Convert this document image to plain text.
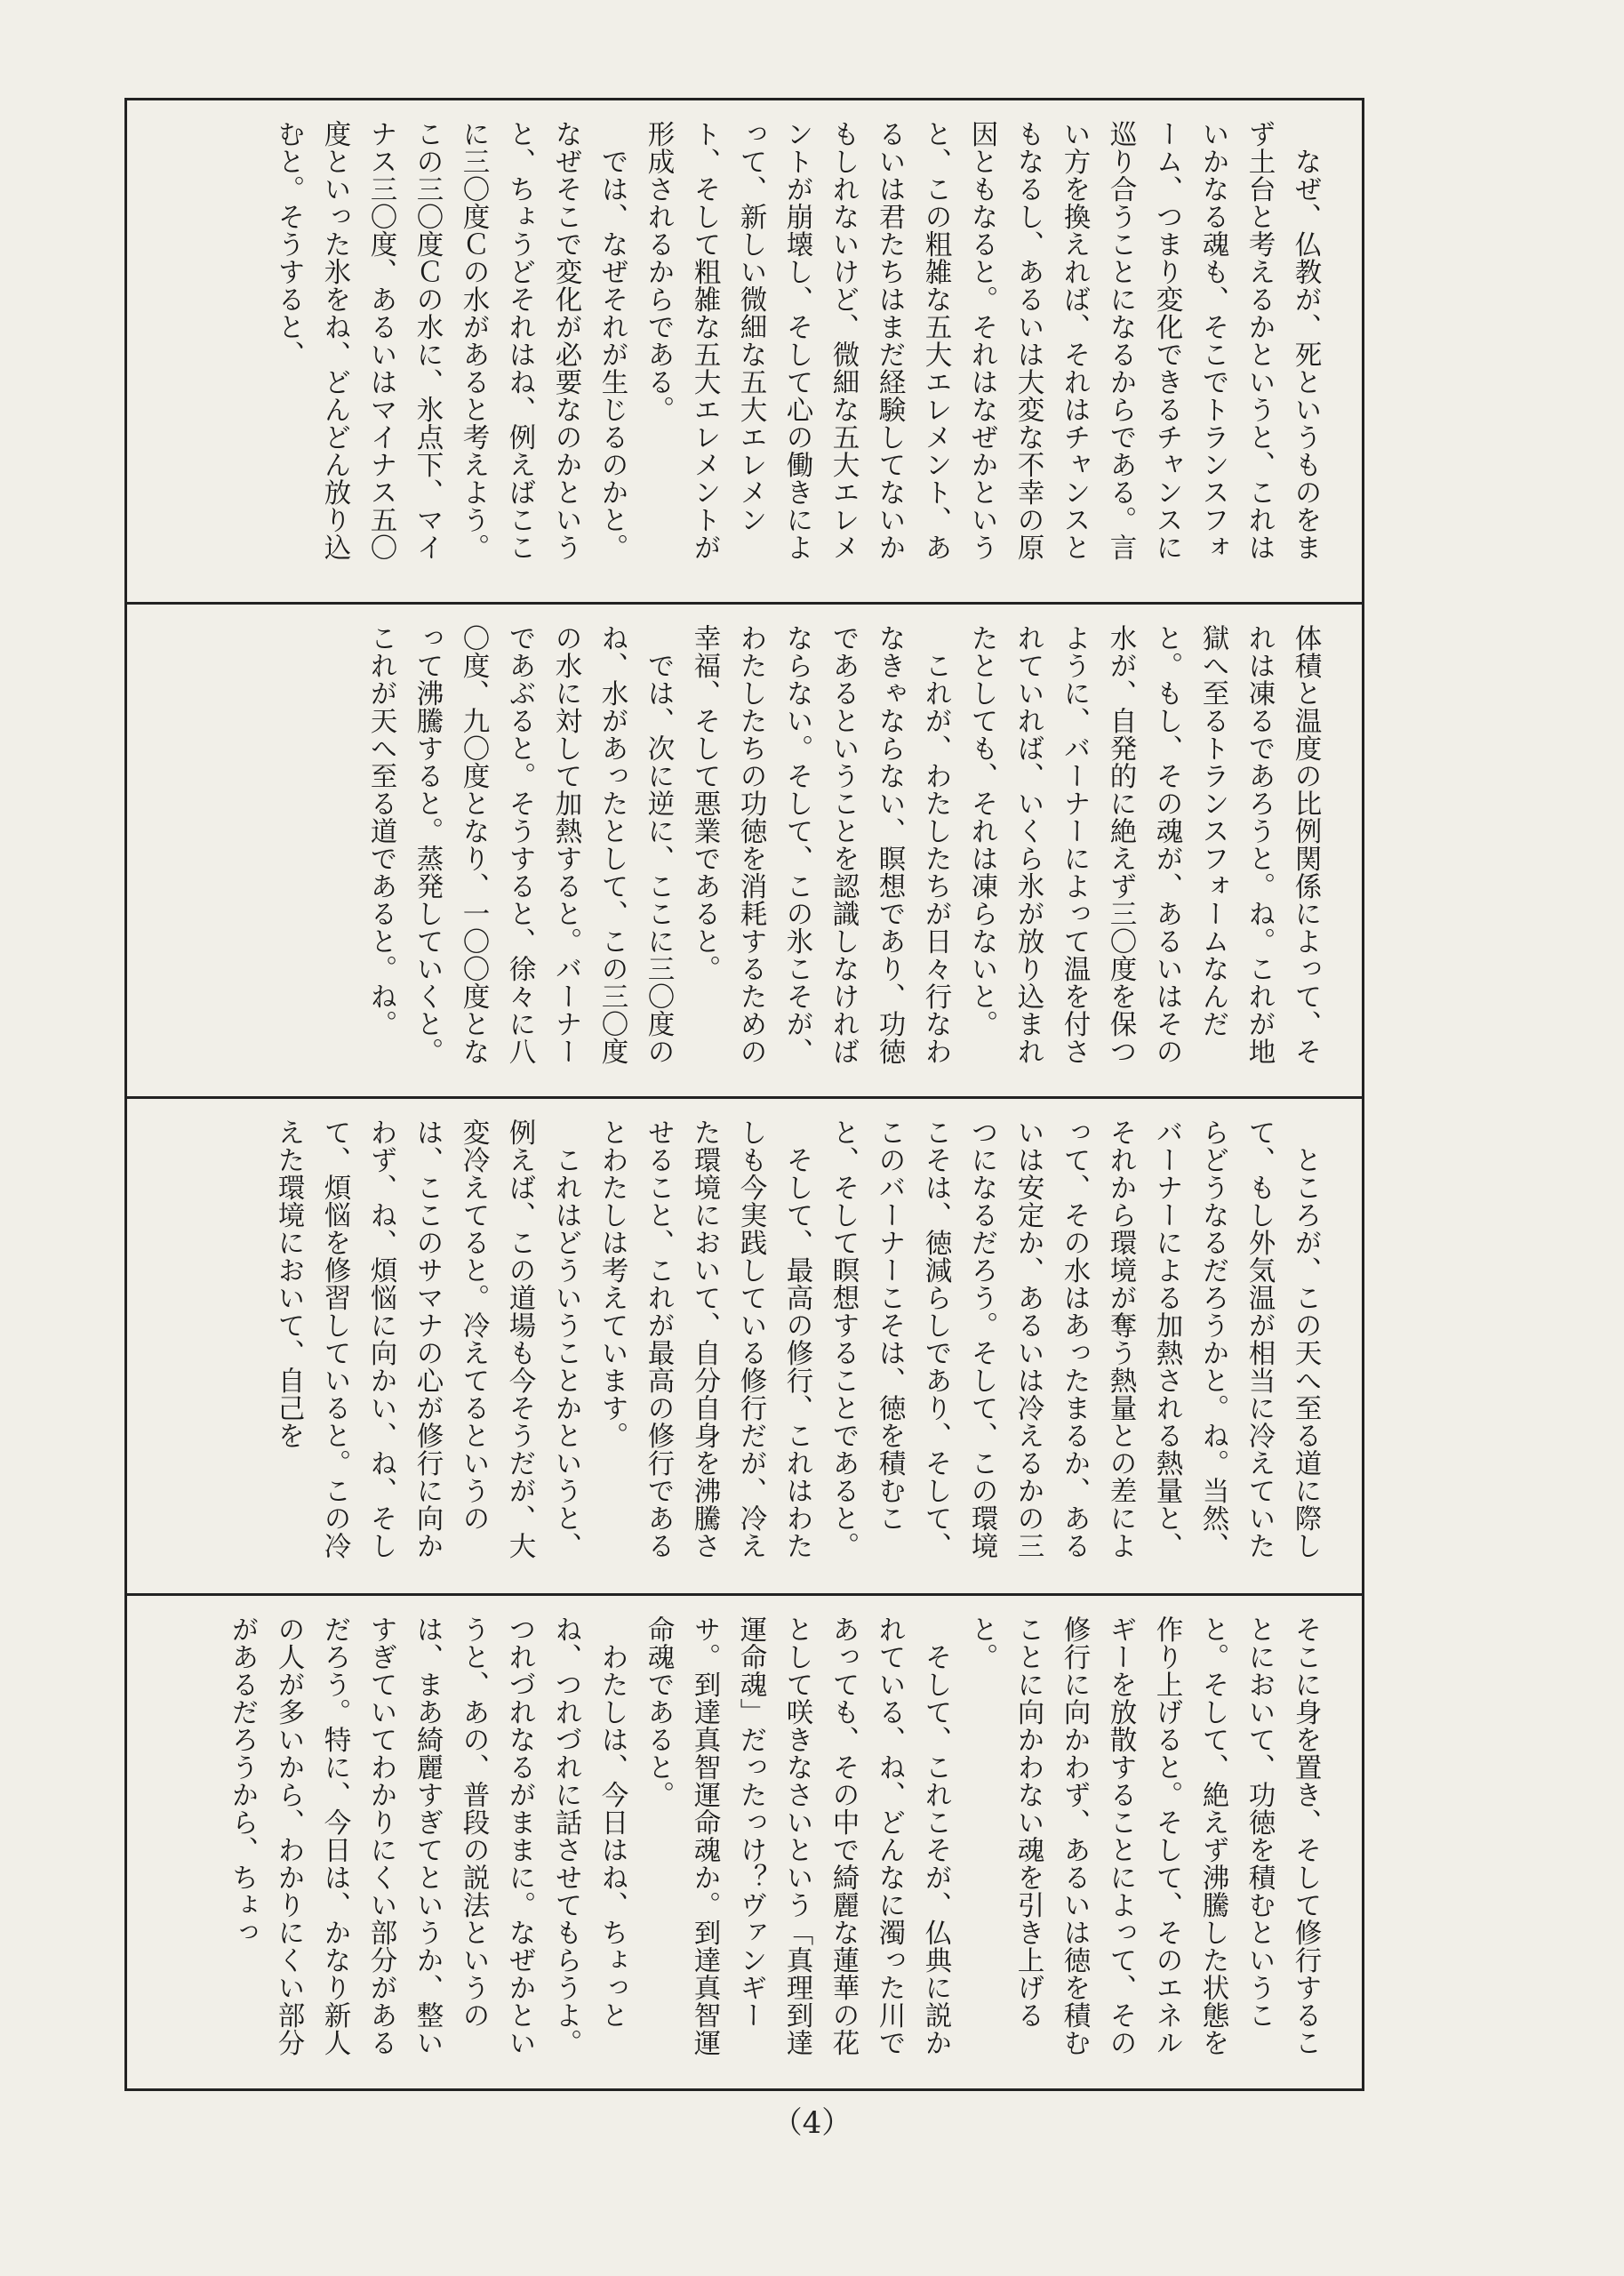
なぜ、仏教が、死というものをまず土台と考えるかというと、これはいかなる魂も、そこでトランスフォーム、つまり変化できるチャンスに巡り合うことになるからである。言い方を換えれば、それはチャンスともなるし、あるいは大変な不幸の原因ともなると。それはなぜかというと、この粗雑な五大エレメント、あるいは君たちはまだ経験してないかもしれないけど、微細な五大エレメントが崩壊し、そして心の働きによって、新しい微細な五大エレメント、そして粗雑な五大エレメントが形成されるからである。

では、なぜそれが生じるのかと。なぜそこで変化が必要なのかというと、ちょうどそれはね、例えばここに三〇度Ｃの水があると考えよう。この三〇度Ｃの水に、氷点下、マイナス三〇度、あるいはマイナス五〇度といった氷をね、どんどん放り込むと。そうすると、

体積と温度の比例関係によって、それは凍るであろうと。ね。これが地獄へ至るトランスフォームなんだと。もし、その魂が、あるいはその水が、自発的に絶えず三〇度を保つように、バーナーによって温を付されていれば、いくら氷が放り込まれたとしても、それは凍らないと。

これが、わたしたちが日々行なわなきゃならない、瞑想であり、功徳であるということを認識しなければならない。そして、この氷こそが、わたしたちの功徳を消耗するための幸福、そして悪業であると。

では、次に逆に、ここに三〇度のね、水があったとして、この三〇度の水に対して加熱すると。バーナーであぶると。そうすると、徐々に八〇度、九〇度となり、一〇〇度となって沸騰すると。蒸発していくと。これが天へ至る道であると。ね。

ところが、この天へ至る道に際して、もし外気温が相当に冷えていたらどうなるだろうかと。ね。当然、バーナーによる加熱される熱量と、それから環境が奪う熱量との差によって、その水はあったまるか、あるいは安定か、あるいは冷えるかの三つになるだろう。そして、この環境こそは、徳減らしであり、そして、このバーナーこそは、徳を積むこと、そして瞑想することであると。

そして、最高の修行、これはわたしも今実践している修行だが、冷えた環境において、自分自身を沸騰させること、これが最高の修行であるとわたしは考えています。

これはどういうことかというと、例えば、この道場も今そうだが、大変冷えてると。冷えてるというのは、ここのサマナの心が修行に向かわず、ね、煩悩に向かい、ね、そして、煩悩を修習していると。この冷えた環境において、自己を

そこに身を置き、そして修行することにおいて、功徳を積むということ。そして、絶えず沸騰した状態を作り上げると。そして、そのエネルギーを放散することによって、その修行に向かわず、あるいは徳を積むことに向かわない魂を引き上げると。

そして、これこそが、仏典に説かれている、ね、どんなに濁った川であっても、その中で綺麗な蓮華の花として咲きなさいという「真理到達運命魂」だったっけ？ヴァンギーサ。到達真智運命魂か。到達真智運命魂であると。

わたしは、今日はね、ちょっとね、つれづれに話させてもらうよ。つれづれなるがままに。なぜかというと、あの、普段の説法というのは、まあ綺麗すぎてというか、整いすぎていてわかりにくい部分があるだろう。特に、今日は、かなり新人の人が多いから、わかりにくい部分があるだろうから、ちょっ

（4）
